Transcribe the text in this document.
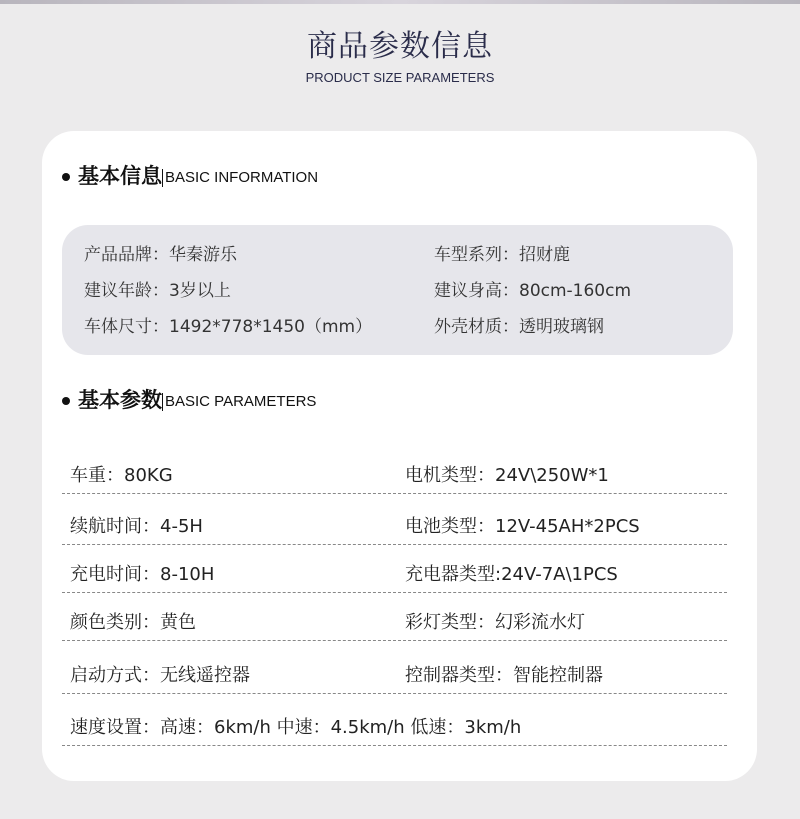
商品参数信息
PRODUCT SIZE PARAMETERS
基本信息 BASIC INFORMATION
产品品牌：华秦游乐	车型系列：招财鹿
建议年龄：3岁以上	建议身高：80cm-160cm
车体尺寸：1492*778*1450（mm）	外壳材质：透明玻璃钢
基本参数 BASIC PARAMETERS
车重：80KG	电机类型：24V\250W*1
续航时间：4-5H	电池类型：12V-45AH*2PCS
充电时间：8-10H	充电器类型:24V-7A\1PCS
颜色类别：黄色	彩灯类型：幻彩流水灯
启动方式：无线遥控器	控制器类型：智能控制器
速度设置：高速：6km/h 中速：4.5km/h 低速：3km/h
